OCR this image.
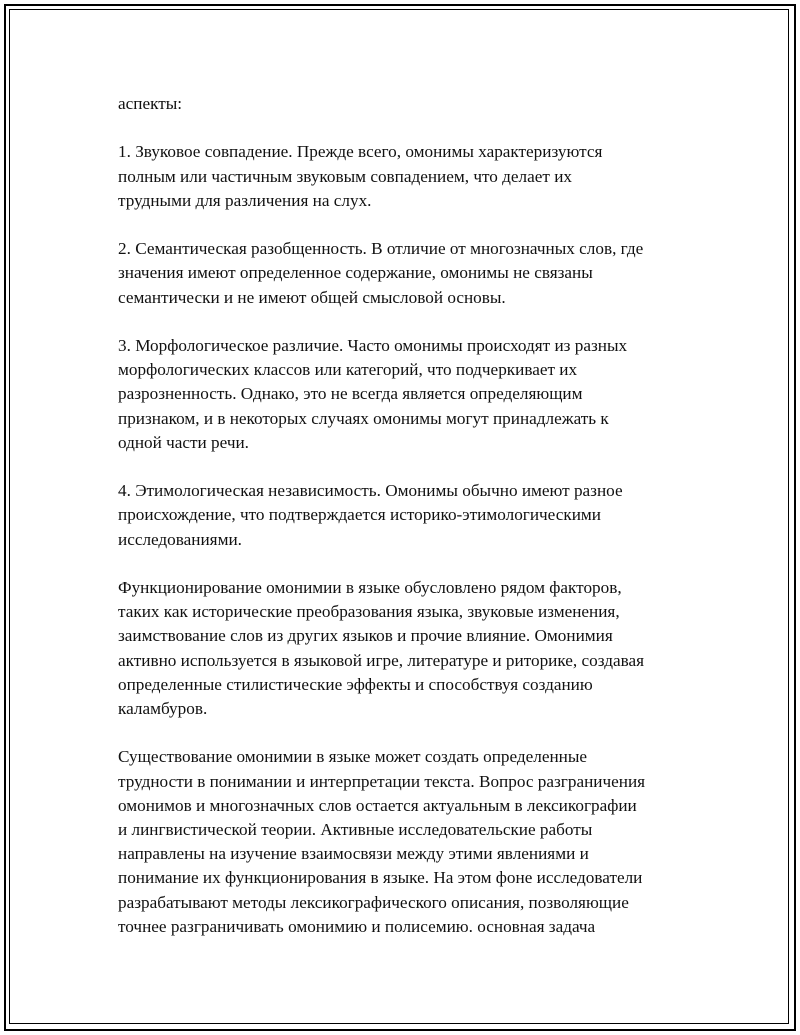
аспекты:

1. Звуковое совпадение. Прежде всего, омонимы характеризуются
полным или частичным звуковым совпадением, что делает их
трудными для различения на слух.

2. Семантическая разобщенность. В отличие от многозначных слов, где
значения имеют определенное содержание, омонимы не связаны
семантически и не имеют общей смысловой основы.

3. Морфологическое различие. Часто омонимы происходят из разных
морфологических классов или категорий, что подчеркивает их
разрозненность. Однако, это не всегда является определяющим
признаком, и в некоторых случаях омонимы могут принадлежать к
одной части речи.

4. Этимологическая независимость. Омонимы обычно имеют разное
происхождение, что подтверждается историко-этимологическими
исследованиями.

Функционирование омонимии в языке обусловлено рядом факторов,
таких как исторические преобразования языка, звуковые изменения,
заимствование слов из других языков и прочие влияние. Омонимия
активно используется в языковой игре, литературе и риторике, создавая
определенные стилистические эффекты и способствуя созданию
каламбуров.

Существование омонимии в языке может создать определенные
трудности в понимании и интерпретации текста. Вопрос разграничения
омонимов и многозначных слов остается актуальным в лексикографии
и лингвистической теории. Активные исследовательские работы
направлены на изучение взаимосвязи между этими явлениями и
понимание их функционирования в языке. На этом фоне исследователи
разрабатывают методы лексикографического описания, позволяющие
точнее разграничивать омонимию и полисемию. основная задача
